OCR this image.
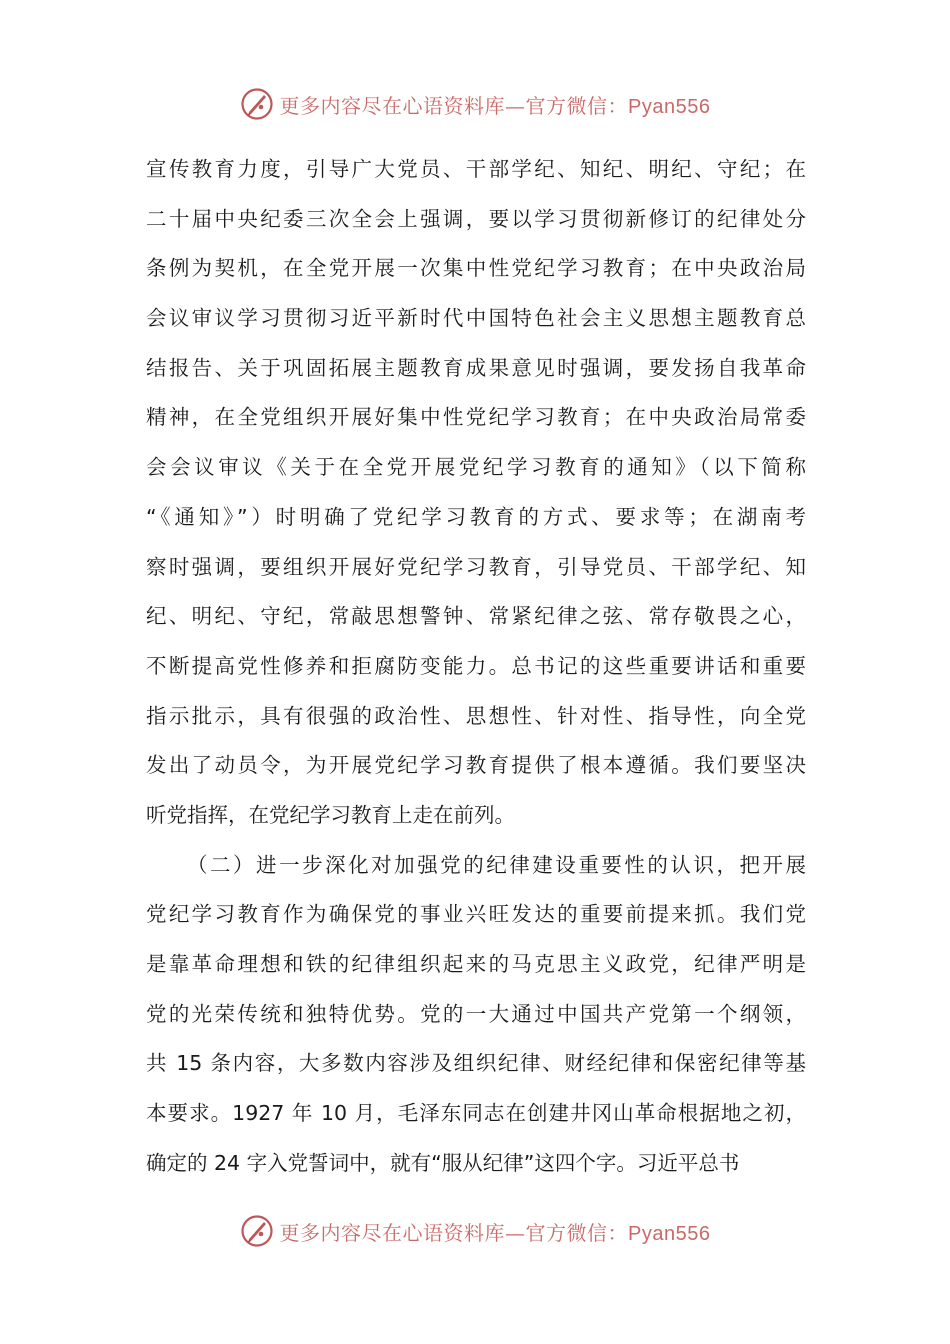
更多内容尽在心语资料库—官方微信：Pyan556
宣传教育力度，引导广大党员、干部学纪、知纪、明纪、守纪；在
二十届中央纪委三次全会上强调，要以学习贯彻新修订的纪律处分
条例为契机，在全党开展一次集中性党纪学习教育；在中央政治局
会议审议学习贯彻习近平新时代中国特色社会主义思想主题教育总
结报告、关于巩固拓展主题教育成果意见时强调，要发扬自我革命
精神，在全党组织开展好集中性党纪学习教育；在中央政治局常委
会会议审议《关于在全党开展党纪学习教育的通知》（以下简称
“《通知》”）时明确了党纪学习教育的方式、要求等；在湖南考
察时强调，要组织开展好党纪学习教育，引导党员、干部学纪、知
纪、明纪、守纪，常敲思想警钟、常紧纪律之弦、常存敬畏之心，
不断提高党性修养和拒腐防变能力。总书记的这些重要讲话和重要
指示批示，具有很强的政治性、思想性、针对性、指导性，向全党
发出了动员令，为开展党纪学习教育提供了根本遵循。我们要坚决
听党指挥，在党纪学习教育上走在前列。
（二）进一步深化对加强党的纪律建设重要性的认识，把开展
党纪学习教育作为确保党的事业兴旺发达的重要前提来抓。我们党
是靠革命理想和铁的纪律组织起来的马克思主义政党，纪律严明是
党的光荣传统和独特优势。党的一大通过中国共产党第一个纲领，
共 15 条内容，大多数内容涉及组织纪律、财经纪律和保密纪律等基
本要求。1927 年 10 月，毛泽东同志在创建井冈山革命根据地之初，
确定的 24 字入党誓词中，就有“服从纪律”这四个字。习近平总书
更多内容尽在心语资料库—官方微信：Pyan556
